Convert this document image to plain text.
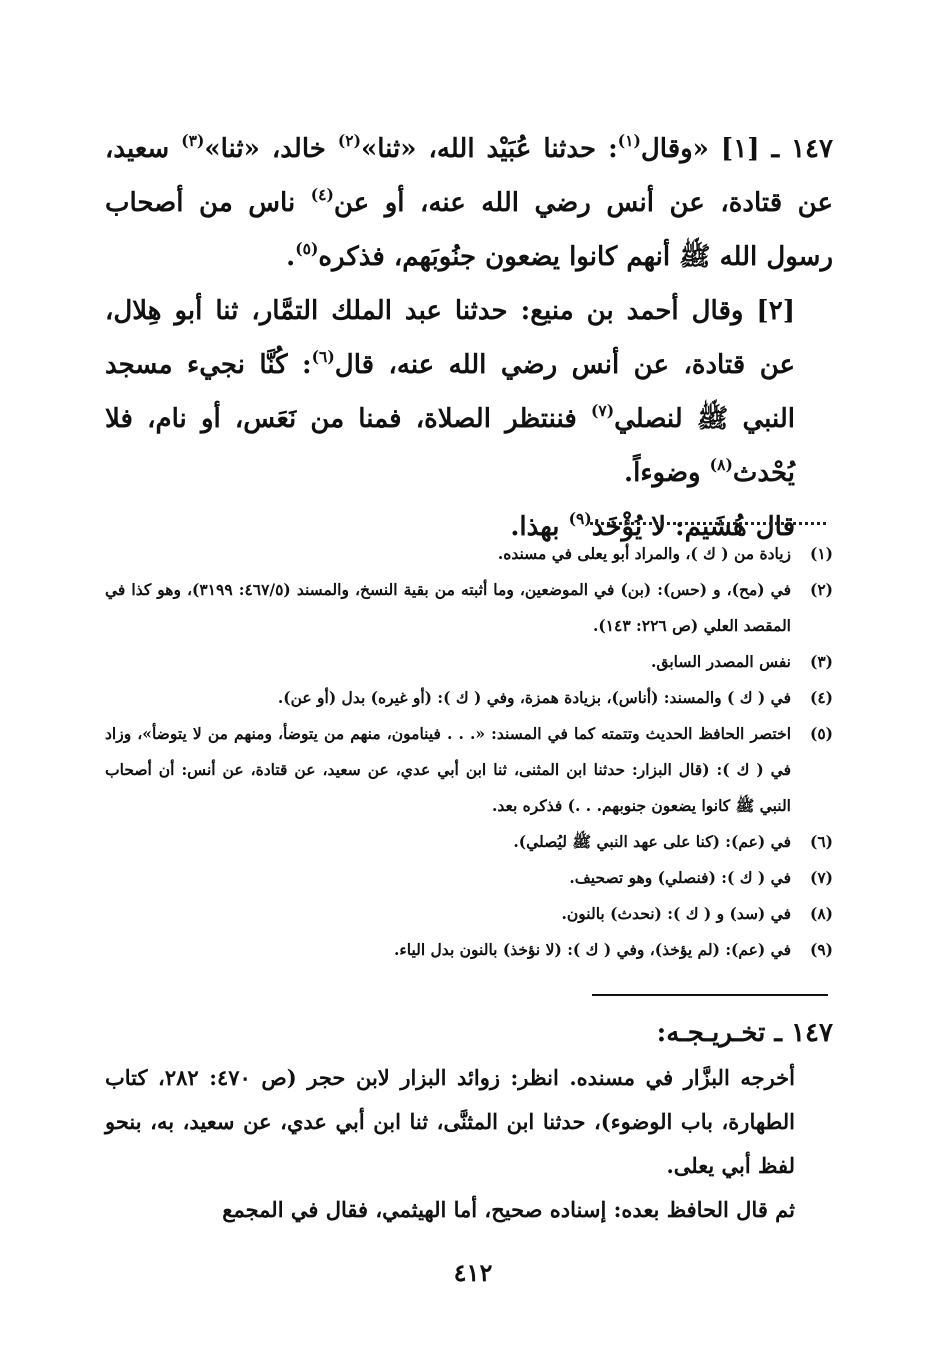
١٤٧ ـ [١] «وقال$^{(١)}$: حدثنا عُبَيْد الله، «ثنا»$^{(٢)}$ خالد، «ثنا»$^{(٣)}$ سعيد، عن قتادة، عن أنس رضي الله عنه، أو عن$^{(٤)}$ ناس من أصحاب رسول الله ﷺ أنهم كانوا يضعون جنُوبَهم، فذكره$^{(٥)}$.

[٢] وقال أحمد بن منيع: حدثنا عبد الملك التمَّار، ثنا أبو هِلال، عن قتادة، عن أنس رضي الله عنه، قال$^{(٦)}$: كُنَّا نجيء مسجد النبي ﷺ لنصلي$^{(٧)}$ فننتظر الصلاة، فمنا من نَعَس، أو نام، فلا يُحْدث$^{(٨)}$ وضوءاً.

قال هُشَيم: لا يُؤْخَذ$^{(٩)}$ بهذا.

(١)
زيادة من ( ك )، والمراد أبو يعلى في مسنده.
(٢)
في (مح)، و (حس): (بن) في الموضعين، وما أثبته من بقية النسخ، والمسند (٤٦٧/٥: ٣١٩٩)، وهو كذا في المقصد العلي (ص ٢٢٦: ١٤٣).
(٣)
نفس المصدر السابق.
(٤)
في ( ك ) والمسند: (أناس)، بزيادة همزة، وفي ( ك ): (أو غيره) بدل (أو عن).
(٥)
اختصر الحافظ الحديث وتتمته كما في المسند: «. . . فينامون، منهم من يتوضأ، ومنهم من لا يتوضأ»، وزاد في ( ك ): (قال البزار: حدثنا ابن المثنى، ثنا ابن أبي عدي، عن سعيد، عن قتادة، عن أنس: أن أصحاب النبي ﷺ كانوا يضعون جنوبهم. . .) فذكره بعد.
(٦)
في (عم): (كنا على عهد النبي ﷺ ليُصلي).
(٧)
في ( ك ): (فنصلي) وهو تصحيف.
(٨)
في (سد) و ( ك ): (نحدث) بالنون.
(٩)
في (عم): (لم يؤخذ)، وفي ( ك ): (لا نؤخذ) بالنون بدل الياء.
١٤٧ ـ تخـريـجـه:

أخرجه البزَّار في مسنده. انظر: زوائد البزار لابن حجر (ص ٤٧٠: ٢٨٢، كتاب الطهارة، باب الوضوء)، حدثنا ابن المثنَّى، ثنا ابن أبي عدي، عن سعيد، به، بنحو لفظ أبي يعلى.

ثم قال الحافظ بعده: إسناده صحيح، أما الهيثمي، فقال في المجمع

٤١٢
